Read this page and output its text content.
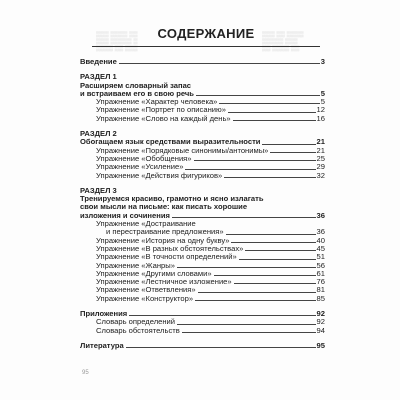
▒▒▒ ▒▒▒▒ ▒▒
▒▒▒ ▒▒▒▒▒ ▒
▒▒▒▒ ▒▒ ▒▒▒
▒▒▒ ▒▒ ▒▒▒▒
▒▒▒▒▒ ▒▒▒
▒▒ ▒▒▒▒ ▒▒
СОДЕРЖАНИЕ
Введение	3
РАЗДЕЛ 1
Расширяем словарный запас
и встраиваем его в свою речь	5
Упражнение «Характер человека»	5
Упражнение «Портрет по описанию»	12
Упражнение «Слово на каждый день»	16
РАЗДЕЛ 2
Обогащаем язык средствами выразительности	21
Упражнение «Порядковые синонимы/антонимы»	21
Упражнение «Обобщения»	25
Упражнение «Усиление»	29
Упражнение «Действия фигуриков»	32
РАЗДЕЛ 3
Тренируемся красиво, грамотно и ясно излагать
свои мысли на письме: как писать хорошие
изложения и сочинения	36
Упражнение «Достраивание
и перестраивание предложения»	36
Упражнение «История на одну букву»	40
Упражнение «В разных обстоятельствах»	45
Упражнение «В точности определений»	51
Упражнение «Жанры»	56
Упражнение «Другими словами»	61
Упражнение «Лестничное изложение»	76
Упражнение «Ответвления»	81
Упражнение «Конструктор»	85
Приложения	92
Словарь определений	92
Словарь обстоятельств	94
Литература	95
95
